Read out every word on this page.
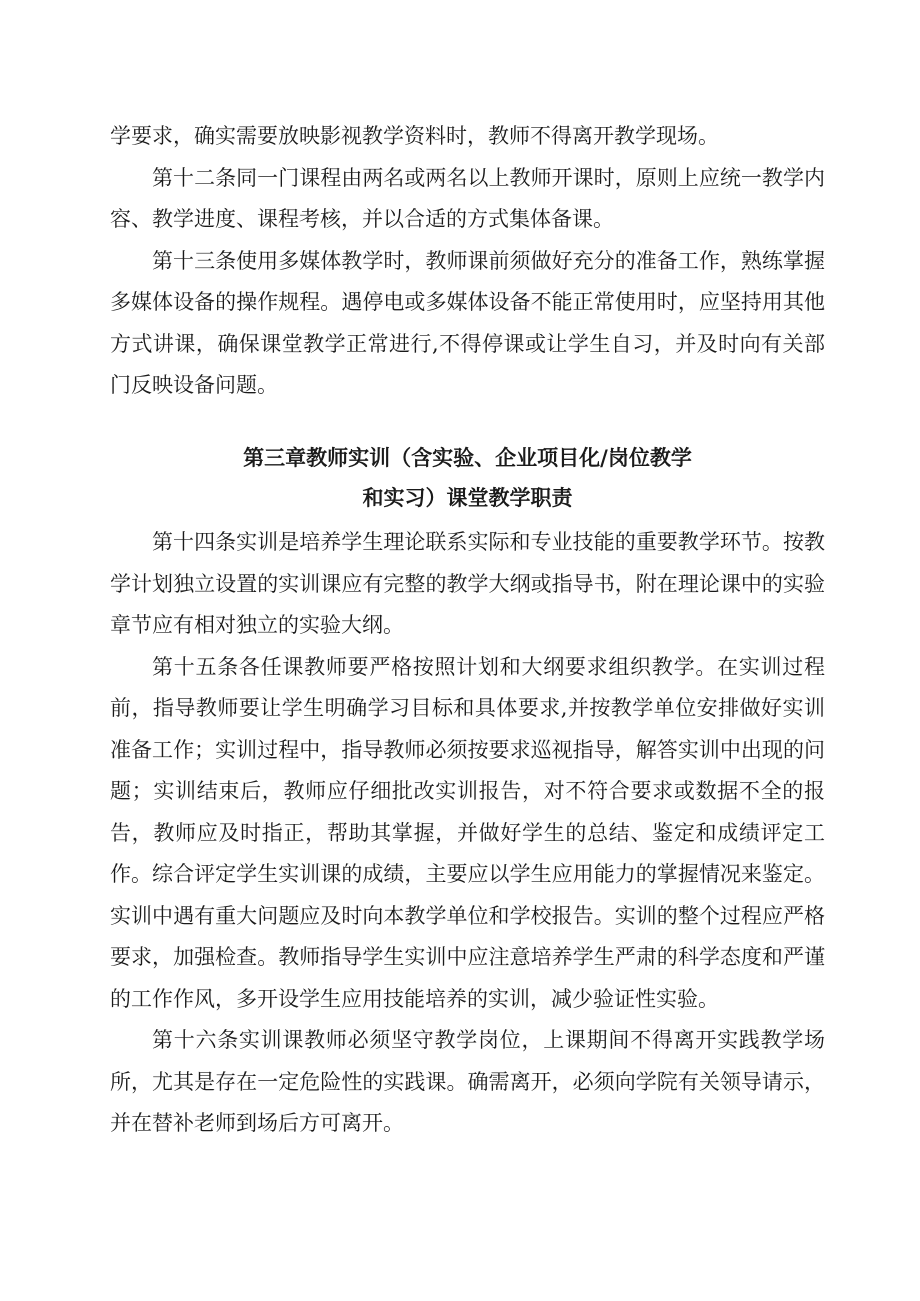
学要求，确实需要放映影视教学资料时，教师不得离开教学现场。

第十二条同一门课程由两名或两名以上教师开课时，原则上应统一教学内容、教学进度、课程考核，并以合适的方式集体备课。

第十三条使用多媒体教学时，教师课前须做好充分的准备工作，熟练掌握多媒体设备的操作规程。遇停电或多媒体设备不能正常使用时，应坚持用其他方式讲课，确保课堂教学正常进行,不得停课或让学生自习，并及时向有关部门反映设备问题。

第三章教师实训（含实验、企业项目化/岗位教学
和实习）课堂教学职责

第十四条实训是培养学生理论联系实际和专业技能的重要教学环节。按教学计划独立设置的实训课应有完整的教学大纲或指导书，附在理论课中的实验章节应有相对独立的实验大纲。

第十五条各任课教师要严格按照计划和大纲要求组织教学。在实训过程前，指导教师要让学生明确学习目标和具体要求,并按教学单位安排做好实训准备工作；实训过程中，指导教师必须按要求巡视指导，解答实训中出现的问题；实训结束后，教师应仔细批改实训报告，对不符合要求或数据不全的报告，教师应及时指正，帮助其掌握，并做好学生的总结、鉴定和成绩评定工作。综合评定学生实训课的成绩，主要应以学生应用能力的掌握情况来鉴定。实训中遇有重大问题应及时向本教学单位和学校报告。实训的整个过程应严格要求，加强检查。教师指导学生实训中应注意培养学生严肃的科学态度和严谨的工作作风，多开设学生应用技能培养的实训，减少验证性实验。

第十六条实训课教师必须坚守教学岗位，上课期间不得离开实践教学场所，尤其是存在一定危险性的实践课。确需离开，必须向学院有关领导请示，并在替补老师到场后方可离开。
